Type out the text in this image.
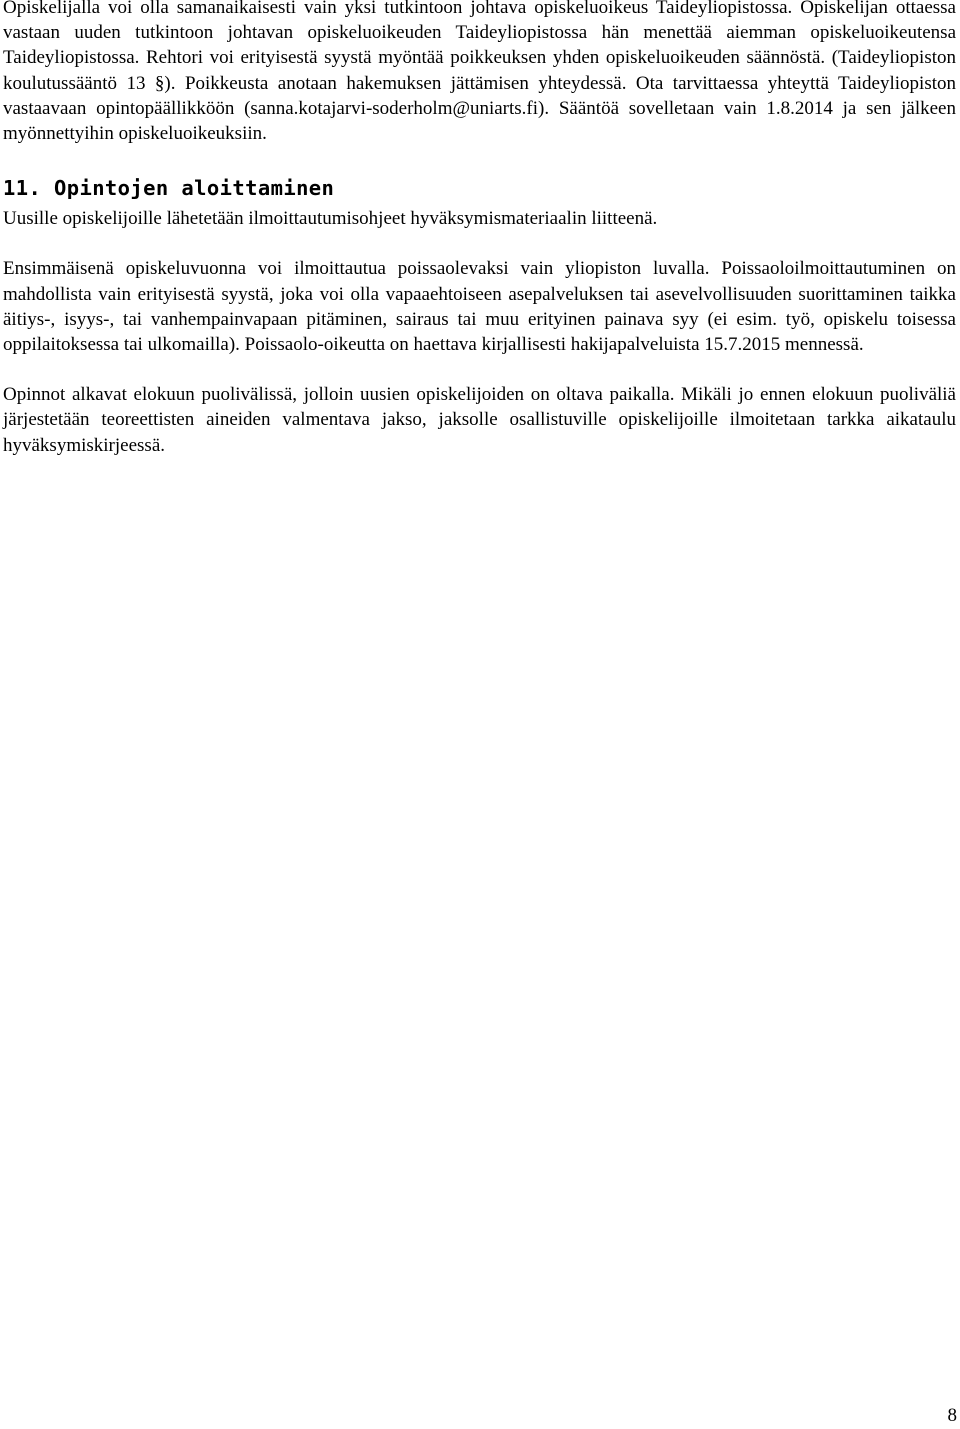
Opiskelijalla voi olla samanaikaisesti vain yksi tutkintoon johtava opiskeluoikeus Taideyliopistossa. Opiskelijan ottaessa vastaan uuden tutkintoon johtavan opiskeluoikeuden Taideyliopistossa hän menettää aiemman opiskeluoikeutensa Taideyliopistossa. Rehtori voi erityisestä syystä myöntää poikkeuksen yhden opiskeluoikeuden säännöstä. (Taideyliopiston koulutussääntö 13 §). Poikkeusta anotaan hakemuksen jättämisen yhteydessä. Ota tarvittaessa yhteyttä Taideyliopiston vastaavaan opintopäällikköön (sanna.kotajarvi-soderholm@uniarts.fi). Sääntöä sovelletaan vain 1.8.2014 ja sen jälkeen myönnettyihin opiskeluoikeuksiin.

11. Opintojen aloittaminen

Uusille opiskelijoille lähetetään ilmoittautumisohjeet hyväksymismateriaalin liitteenä.

Ensimmäisenä opiskeluvuonna voi ilmoittautua poissaolevaksi vain yliopiston luvalla. Poissaoloilmoittautuminen on mahdollista vain erityisestä syystä, joka voi olla vapaaehtoiseen asepalveluksen tai asevelvollisuuden suorittaminen taikka äitiys-, isyys-, tai vanhempainvapaan pitäminen, sairaus tai muu erityinen painava syy (ei esim. työ, opiskelu toisessa oppilaitoksessa tai ulkomailla). Poissaolo-oikeutta on haettava kirjallisesti hakijapalveluista 15.7.2015 mennessä.

Opinnot alkavat elokuun puolivälissä, jolloin uusien opiskelijoiden on oltava paikalla. Mikäli jo ennen elokuun puoliväliä järjestetään teoreettisten aineiden valmentava jakso, jaksolle osallistuville opiskelijoille ilmoitetaan tarkka aikataulu hyväksymiskirjeessä.

8
